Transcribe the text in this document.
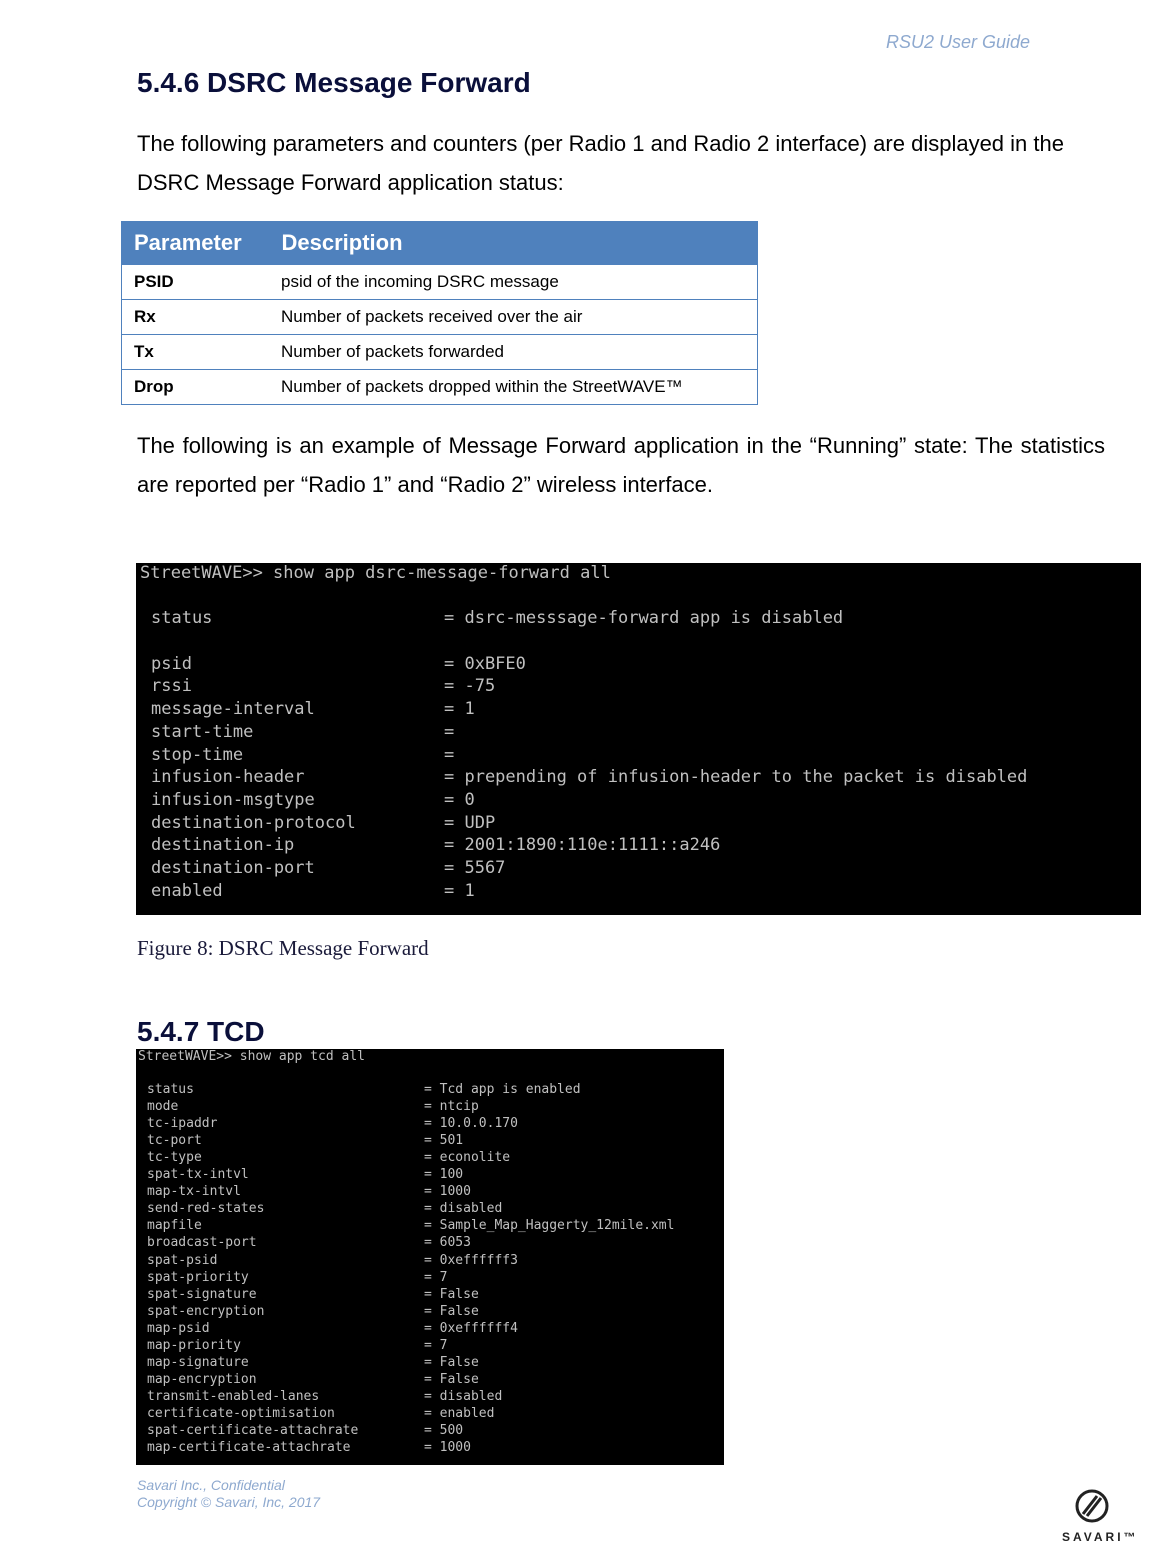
RSU2 User Guide
5.4.6 DSRC Message Forward
The following parameters and counters (per Radio 1 and Radio 2 interface) are displayed in the DSRC Message Forward application status:
Parameter	Description
PSID	psid of the incoming DSRC message
Rx	Number of packets received over the air
Tx	Number of packets forwarded
Drop	Number of packets dropped within the StreetWAVE™
The following is an example of Message Forward application in the “Running” state: The statistics are reported per “Radio 1” and “Radio 2” wireless interface.
StreetWAVE>> show app dsrc-message-forward all
status	= dsrc-messsage-forward app is disabled
psid	= 0xBFE0
rssi	= -75
message-interval	= 1
start-time	=
stop-time	=
infusion-header	= prepending of infusion-header to the packet is disabled
infusion-msgtype	= 0
destination-protocol	= UDP
destination-ip	= 2001:1890:110e:1111::a246
destination-port	= 5567
enabled	= 1
Figure 8: DSRC Message Forward
5.4.7 TCD
StreetWAVE>> show app tcd all
status	= Tcd app is enabled
mode	= ntcip
tc-ipaddr	= 10.0.0.170
tc-port	= 501
tc-type	= econolite
spat-tx-intvl	= 100
map-tx-intvl	= 1000
send-red-states	= disabled
mapfile	= Sample_Map_Haggerty_12mile.xml
broadcast-port	= 6053
spat-psid	= 0xeffffff3
spat-priority	= 7
spat-signature	= False
spat-encryption	= False
map-psid	= 0xeffffff4
map-priority	= 7
map-signature	= False
map-encryption	= False
transmit-enabled-lanes	= disabled
certificate-optimisation	= enabled
spat-certificate-attachrate	= 500
map-certificate-attachrate	= 1000
Savari Inc., Confidential
Copyright © Savari, Inc, 2017
SAVARI™
